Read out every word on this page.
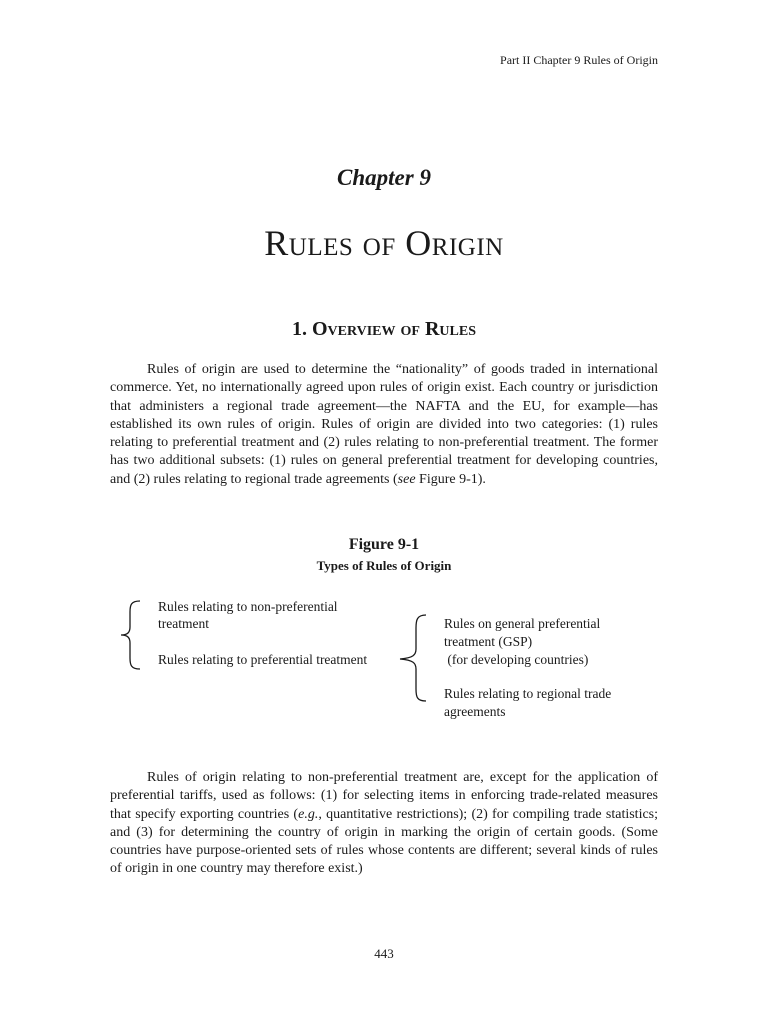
Part II Chapter 9 Rules of Origin
Chapter 9
Rules of Origin
1. Overview of Rules

Rules of origin are used to determine the “nationality” of goods traded in international commerce. Yet, no internationally agreed upon rules of origin exist. Each country or jurisdiction that administers a regional trade agreement—the NAFTA and the EU, for example—has established its own rules of origin. Rules of origin are divided into two categories: (1) rules relating to preferential treatment and (2) rules relating to non-preferential treatment. The former has two additional subsets: (1) rules on general preferential treatment for developing countries, and (2) rules relating to regional trade agreements (see Figure 9-1).

Figure 9-1
Types of Rules of Origin
Rules relating to non-preferential
treatment
Rules relating to preferential treatment
Rules on general preferential
treatment (GSP)
(for developing countries)
Rules relating to regional trade
agreements

Rules of origin relating to non-preferential treatment are, except for the application of preferential tariffs, used as follows: (1) for selecting items in enforcing trade-related measures that specify exporting countries (e.g., quantitative restrictions); (2) for compiling trade statistics; and (3) for determining the country of origin in marking the origin of certain goods. (Some countries have purpose-oriented sets of rules whose contents are different; several kinds of rules of origin in one country may therefore exist.)

443
